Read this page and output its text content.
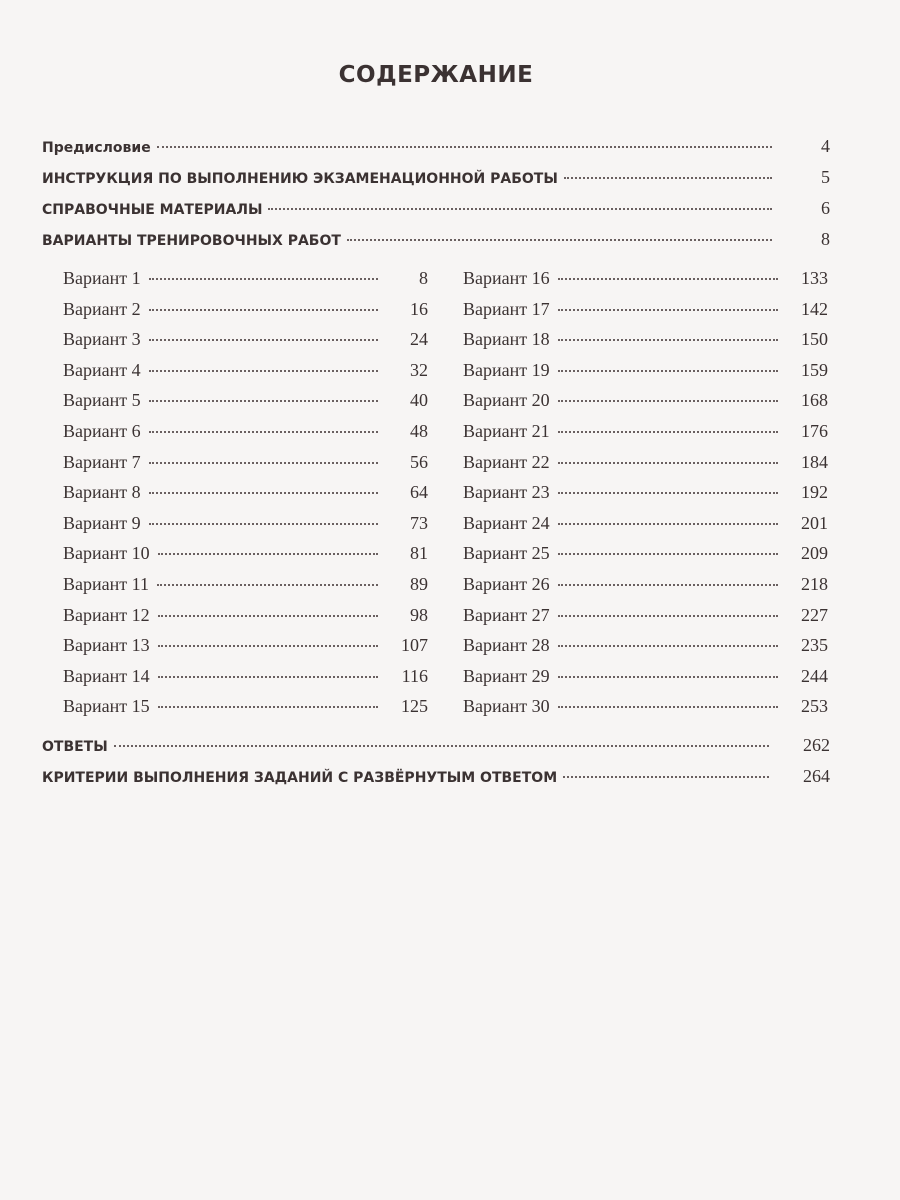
СОДЕРЖАНИЕ
Предисловие	4
ИНСТРУКЦИЯ ПО ВЫПОЛНЕНИЮ ЭКЗАМЕНАЦИОННОЙ РАБОТЫ	5
СПРАВОЧНЫЕ МАТЕРИАЛЫ	6
ВАРИАНТЫ ТРЕНИРОВОЧНЫХ РАБОТ	8
Вариант 1	8
Вариант 2	16
Вариант 3	24
Вариант 4	32
Вариант 5	40
Вариант 6	48
Вариант 7	56
Вариант 8	64
Вариант 9	73
Вариант 10	81
Вариант 11	89
Вариант 12	98
Вариант 13	107
Вариант 14	116
Вариант 15	125
Вариант 16	133
Вариант 17	142
Вариант 18	150
Вариант 19	159
Вариант 20	168
Вариант 21	176
Вариант 22	184
Вариант 23	192
Вариант 24	201
Вариант 25	209
Вариант 26	218
Вариант 27	227
Вариант 28	235
Вариант 29	244
Вариант 30	253
ОТВЕТЫ	262
КРИТЕРИИ ВЫПОЛНЕНИЯ ЗАДАНИЙ С РАЗВЁРНУТЫМ ОТВЕТОМ	264
